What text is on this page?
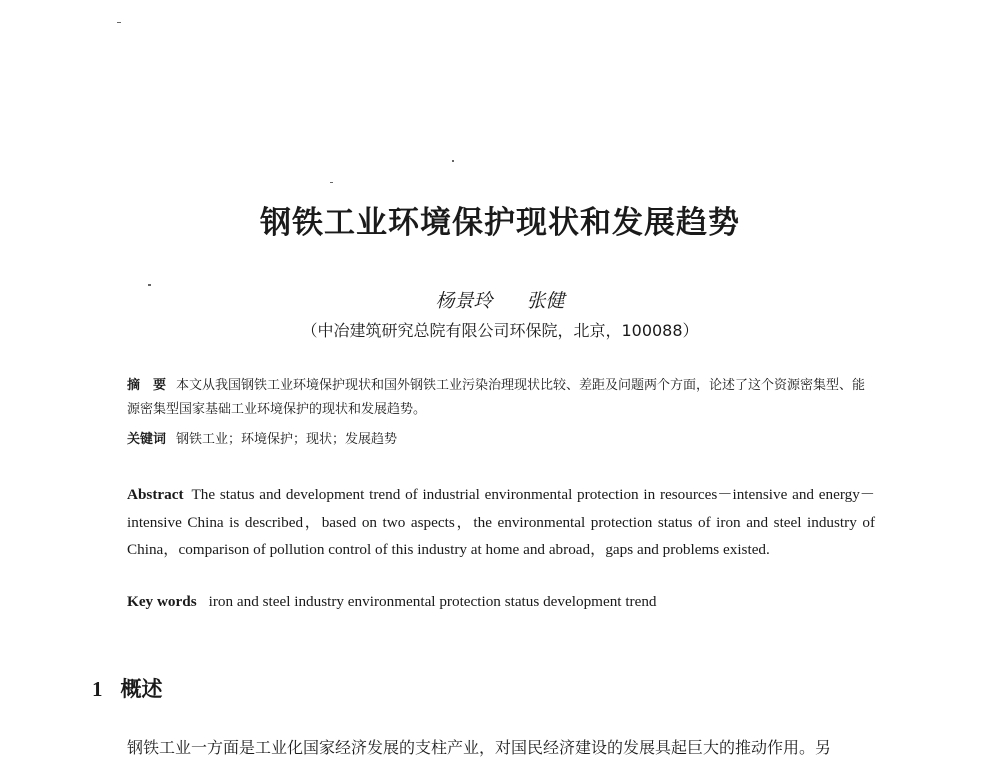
钢铁工业环境保护现状和发展趋势
杨景玲 张健
（中冶建筑研究总院有限公司环保院，北京，100088）
摘　要 本文从我国钢铁工业环境保护现状和国外钢铁工业污染治理现状比较、差距及问题两个方面，论述了这个资源密集型、能源密集型国家基础工业环境保护的现状和发展趋势。
关键词 钢铁工业；环境保护；现状；发展趋势
Abstract The status and development trend of industrial environmental protection in resources－intensive and energy－intensive China is described，based on two aspects，the environmental protection status of iron and steel industry of China，comparison of pollution control of this industry at home and abroad，gaps and problems existed.
Key words iron and steel industry environmental protection status development trend
1 概述
钢铁工业一方面是工业化国家经济发展的支柱产业，对国民经济建设的发展具起巨大的推动作用。另
